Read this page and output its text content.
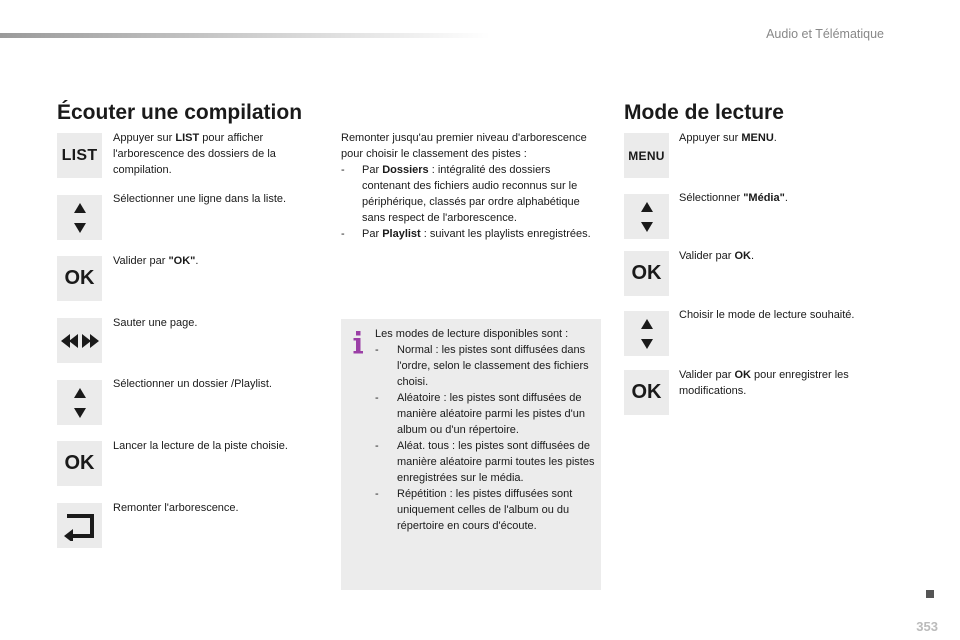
Audio et Télématique
Écouter une compilation
LIST
Appuyer sur LIST pour afficher l'arborescence des dossiers de la compilation.
Sélectionner une ligne dans la liste.
OK
Valider par "OK".
Sauter une page.
Sélectionner un dossier /Playlist.
OK
Lancer la lecture de la piste choisie.
Remonter l'arborescence.

Remonter jusqu'au premier niveau d'arborescence pour choisir le classement des pistes :

- Par Dossiers : intégralité des dossiers contenant des fichiers audio reconnus sur le périphérique, classés par ordre alphabétique sans respect de l'arborescence.
- Par Playlist : suivant les playlists enregistrées.

Les modes de lecture disponibles sont :

- Normal : les pistes sont diffusées dans l'ordre, selon le classement des fichiers choisi.
- Aléatoire : les pistes sont diffusées de manière aléatoire parmi les pistes d'un album ou d'un répertoire.
- Aléat. tous : les pistes sont diffusées de manière aléatoire parmi toutes les pistes enregistrées sur le média.
- Répétition : les pistes diffusées sont uniquement celles de l'album ou du répertoire en cours d'écoute.
Mode de lecture
MENU
Appuyer sur MENU.
Sélectionner "Média".
OK
Valider par OK.
Choisir le mode de lecture souhaité.
OK
Valider par OK pour enregistrer les modifications.
353
